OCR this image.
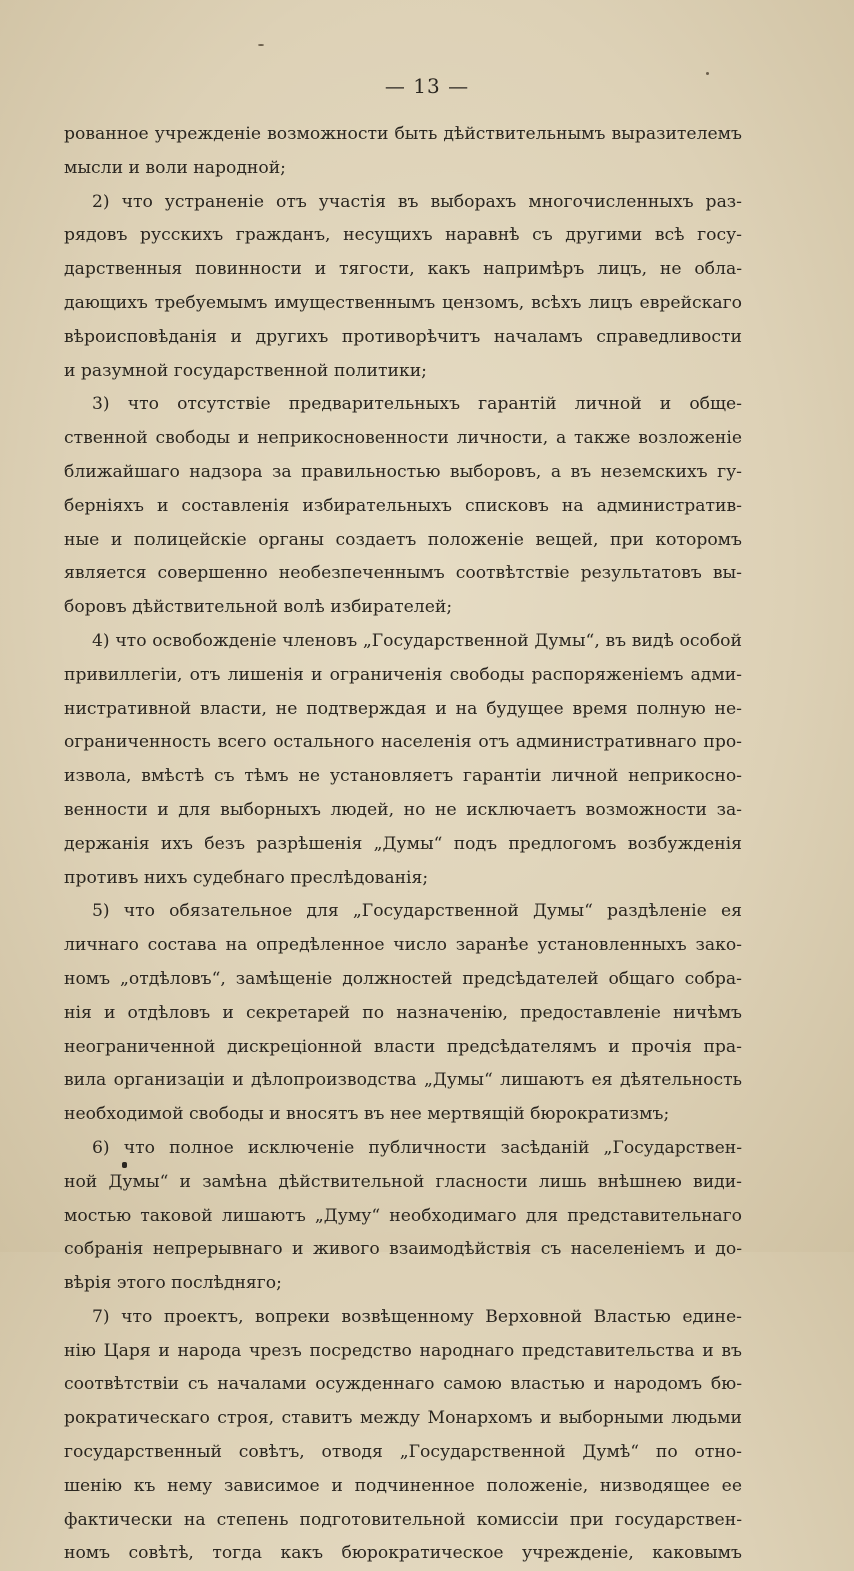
— 13 —
рованное учрежденіе возможности быть дѣйствительнымъ выразителемъ
мысли и воли народной;
2) что устраненіе отъ участія въ выборахъ многочисленныхъ раз-
рядовъ русскихъ гражданъ, несущихъ наравнѣ съ другими всѣ госу-
дарственныя повинности и тягости, какъ напримѣръ лицъ, не обла-
дающихъ требуемымъ имущественнымъ цензомъ, всѣхъ лицъ еврейскаго
вѣроисповѣданія и другихъ противорѣчитъ началамъ справедливости
и разумной государственной политики;
3) что отсутствіе предварительныхъ гарантій личной и обще-
ственной свободы и неприкосновенности личности, а также возложеніе
ближайшаго надзора за правильностью выборовъ, а въ неземскихъ гу-
берніяхъ и составленія избирательныхъ списковъ на административ-
ные и полицейскіе органы создаетъ положеніе вещей, при которомъ
является совершенно необезпеченнымъ соотвѣтствіе результатовъ вы-
боровъ дѣйствительной волѣ избирателей;
4) что освобожденіе членовъ „Государственной Думы“, въ видѣ особой
привиллегіи, отъ лишенія и ограниченія свободы распоряженіемъ адми-
нистративной власти, не подтверждая и на будущее время полную не-
ограниченность всего остального населенія отъ административнаго про-
извола, вмѣстѣ съ тѣмъ не установляетъ гарантіи личной неприкосно-
венности и для выборныхъ людей, но не исключаетъ возможности за-
держанія ихъ безъ разрѣшенія „Думы“ подъ предлогомъ возбужденія
противъ нихъ судебнаго преслѣдованія;
5) что обязательное для „Государственной Думы“ раздѣленіе ея
личнаго состава на опредѣленное число заранѣе установленныхъ зако-
номъ „отдѣловъ“, замѣщеніе должностей предсѣдателей общаго собра-
нія и отдѣловъ и секретарей по назначенію, предоставленіе ничѣмъ
неограниченной дискреціонной власти предсѣдателямъ и прочія пра-
вила организаціи и дѣлопроизводства „Думы“ лишаютъ ея дѣятельность
необходимой свободы и вносятъ въ нее мертвящій бюрократизмъ;
6) что полное исключеніе публичности засѣданій „Государствен-
ной Думы“ и замѣна дѣйствительной гласности лишь внѣшнею види-
мостью таковой лишаютъ „Думу“ необходимаго для представительнаго
собранія непрерывнаго и живого взаимодѣйствія съ населеніемъ и до-
вѣрія этого послѣдняго;
7) что проектъ, вопреки возвѣщенному Верховной Властью едине-
нію Царя и народа чрезъ посредство народнаго представительства и въ
соотвѣтствіи съ началами осужденнаго самою властью и народомъ бю-
рократическаго строя, ставитъ между Монархомъ и выборными людьми
государственный совѣтъ, отводя „Государственной Думѣ“ по отно-
шенію къ нему зависимое и подчиненное положеніе, низводящее ее
фактически на степень подготовительной комиссіи при государствен-
номъ совѣтѣ, тогда какъ бюрократическое учрежденіе, каковымъ
